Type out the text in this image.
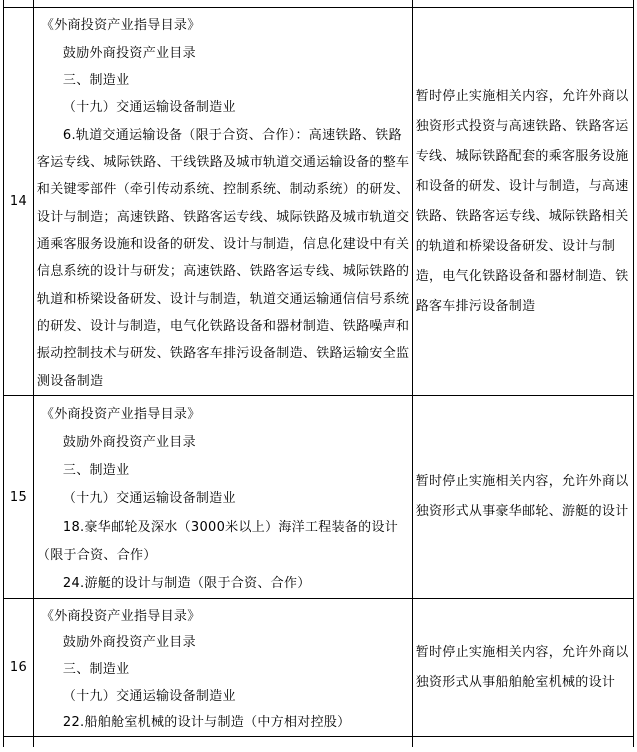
14
《外商投资产业指导目录》
鼓励外商投资产业目录
三、制造业
（十九）交通运输设备制造业
6.轨道交通运输设备（限于合资、合作）：高速铁路、铁路
客运专线、城际铁路、干线铁路及城市轨道交通运输设备的整车
和关键零部件（牵引传动系统、控制系统、制动系统）的研发、
设计与制造；高速铁路、铁路客运专线、城际铁路及城市轨道交
通乘客服务设施和设备的研发、设计与制造，信息化建设中有关
信息系统的设计与研发；高速铁路、铁路客运专线、城际铁路的
轨道和桥梁设备研发、设计与制造，轨道交通运输通信信号系统
的研发、设计与制造，电气化铁路设备和器材制造、铁路噪声和
振动控制技术与研发、铁路客车排污设备制造、铁路运输安全监
测设备制造
暂时停止实施相关内容，允许外商以
独资形式投资与高速铁路、铁路客运
专线、城际铁路配套的乘客服务设施
和设备的研发、设计与制造，与高速
铁路、铁路客运专线、城际铁路相关
的轨道和桥梁设备研发、设计与制
造，电气化铁路设备和器材制造、铁
路客车排污设备制造
15
《外商投资产业指导目录》
鼓励外商投资产业目录
三、制造业
（十九）交通运输设备制造业
18.豪华邮轮及深水（3000米以上）海洋工程装备的设计
（限于合资、合作）
24.游艇的设计与制造（限于合资、合作）
暂时停止实施相关内容，允许外商以
独资形式从事豪华邮轮、游艇的设计
16
《外商投资产业指导目录》
鼓励外商投资产业目录
三、制造业
（十九）交通运输设备制造业
22.船舶舱室机械的设计与制造（中方相对控股）
暂时停止实施相关内容，允许外商以
独资形式从事船舶舱室机械的设计
